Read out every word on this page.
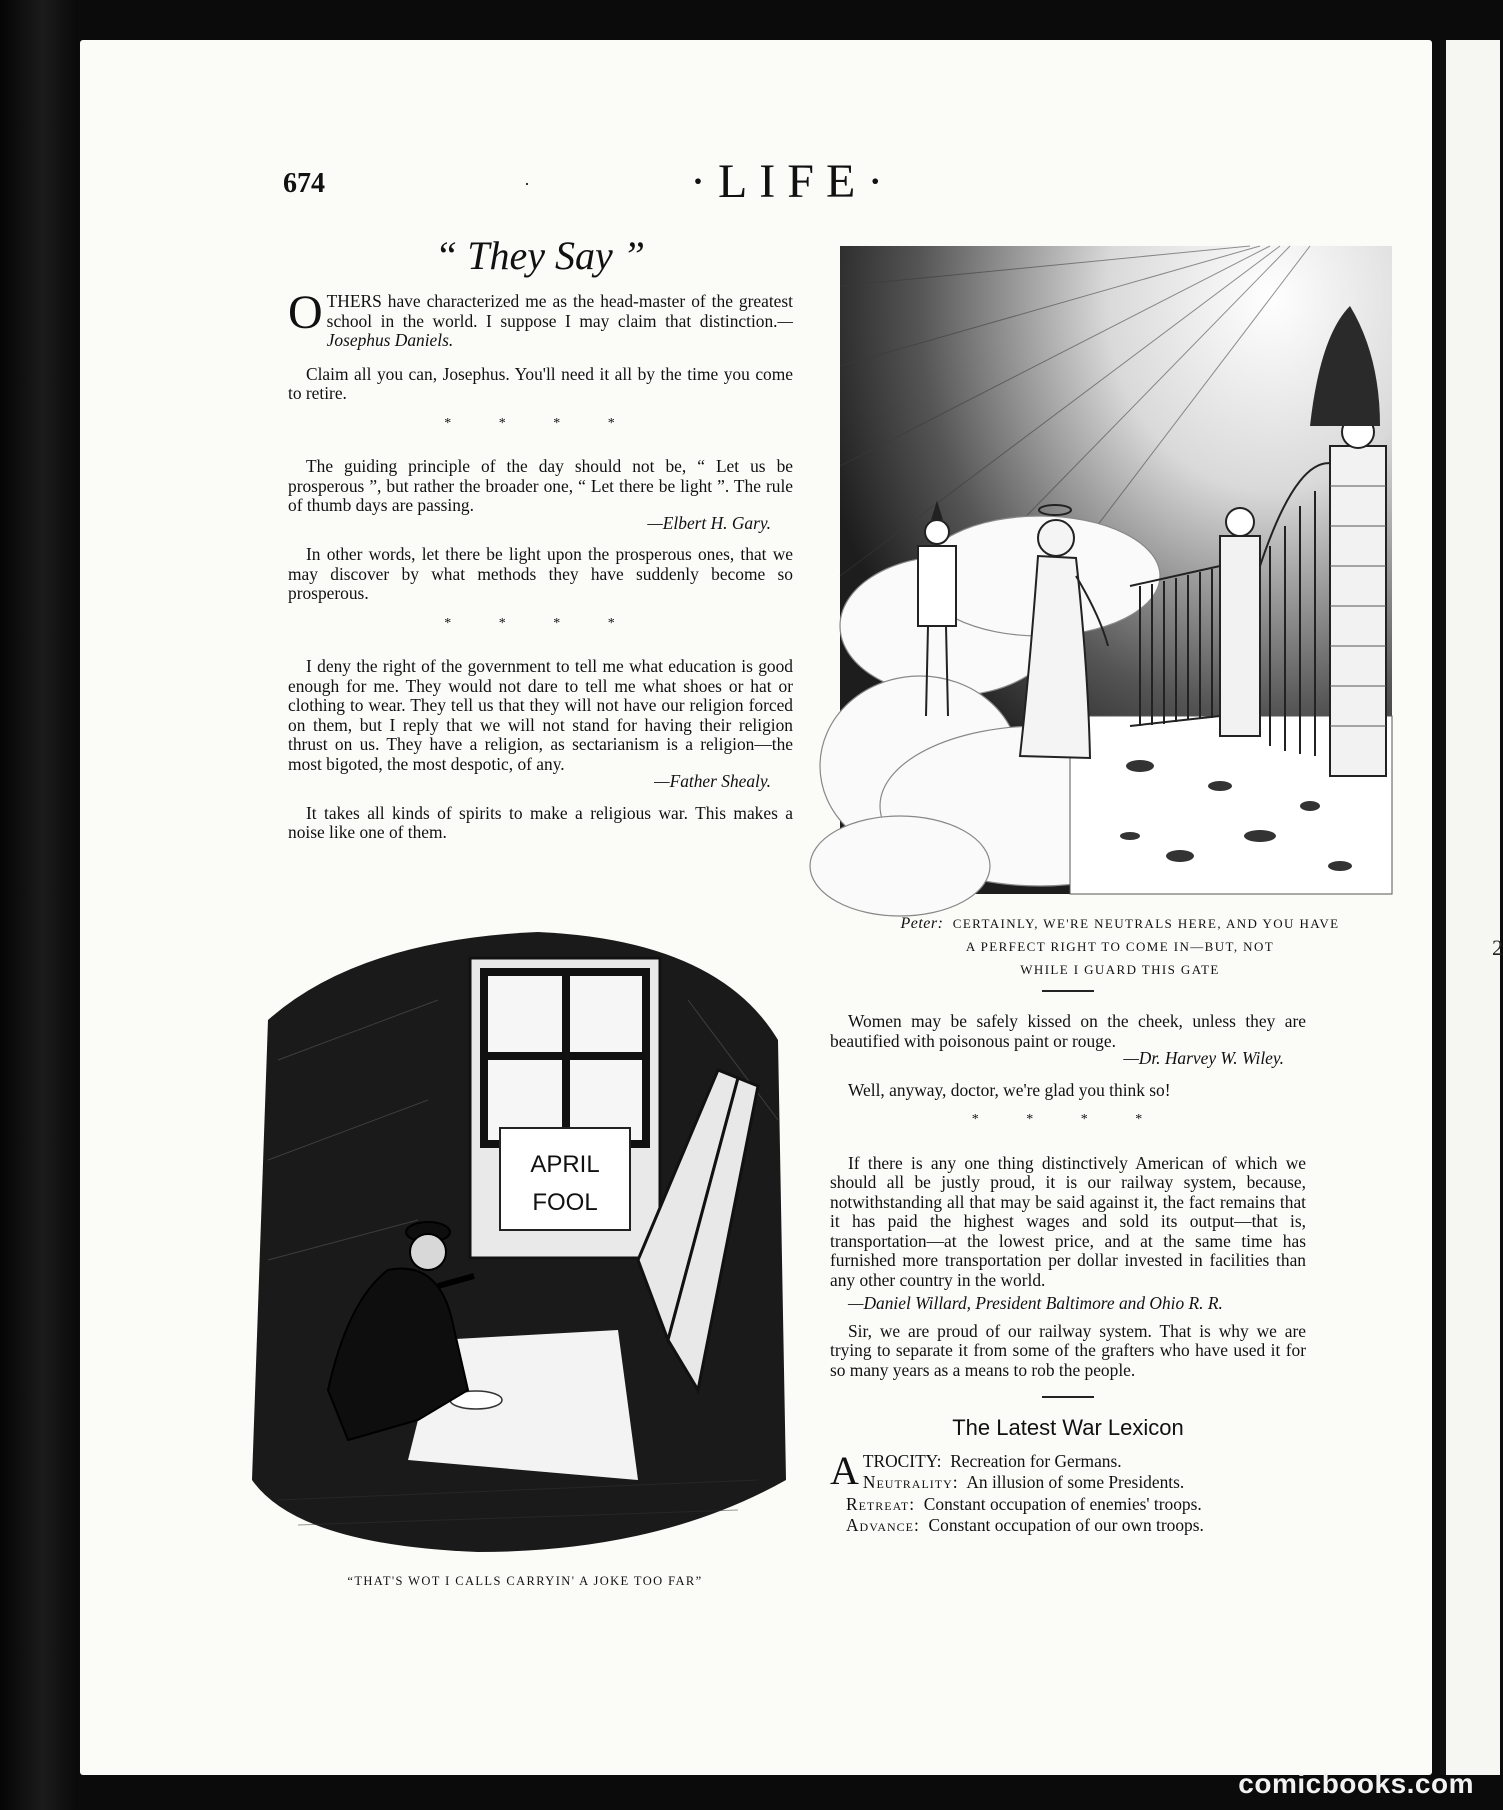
2
674	·	·LIFE·
“ They Say ”

OTHERS have characterized me as the head-master of the greatest school in the world. I suppose I may claim that distinction.—Josephus Daniels.

Claim all you can, Josephus. You'll need it all by the time you come to retire.

* * * *

The guiding principle of the day should not be, “ Let us be prosperous ”, but rather the broader one, “ Let there be light ”. The rule of thumb days are passing.

—Elbert H. Gary.

In other words, let there be light upon the prosperous ones, that we may discover by what methods they have suddenly become so prosperous.

* * * *

I deny the right of the government to tell me what education is good enough for me. They would not dare to tell me what shoes or hat or clothing to wear. They tell us that they will not have our religion forced on them, but I reply that we will not stand for having their religion thrust on us. They have a religion, as sectarianism is a religion—the most bigoted, the most despotic, of any.

—Father Shealy.

It takes all kinds of spirits to make a religious war. This makes a noise like one of them.

Peter: CERTAINLY, WE'RE NEUTRALS HERE, AND YOU HAVE
A PERFECT RIGHT TO COME IN—BUT, NOT
WHILE I GUARD THIS GATE
APRIL
FOOL
“THAT'S WOT I CALLS CARRYIN' A JOKE TOO FAR”

Women may be safely kissed on the cheek, unless they are beautified with poisonous paint or rouge.

—Dr. Harvey W. Wiley.

Well, anyway, doctor, we're glad you think so!

* * * *

If there is any one thing distinctively American of which we should all be justly proud, it is our railway system, because, notwithstanding all that may be said against it, the fact remains that it has paid the highest wages and sold its output—that is, transportation—at the lowest price, and at the same time has furnished more transportation per dollar invested in facilities than any other country in the world.

—Daniel Willard, President Baltimore and Ohio R. R.

Sir, we are proud of our railway system. That is why we are trying to separate it from some of the grafters who have used it for so many years as a means to rob the people.

The Latest War Lexicon
ATROCITY: Recreation for Germans.
Neutrality: An illusion of some Presidents.
Retreat: Constant occupation of enemies' troops.
Advance: Constant occupation of our own troops.
comicbooks.com
